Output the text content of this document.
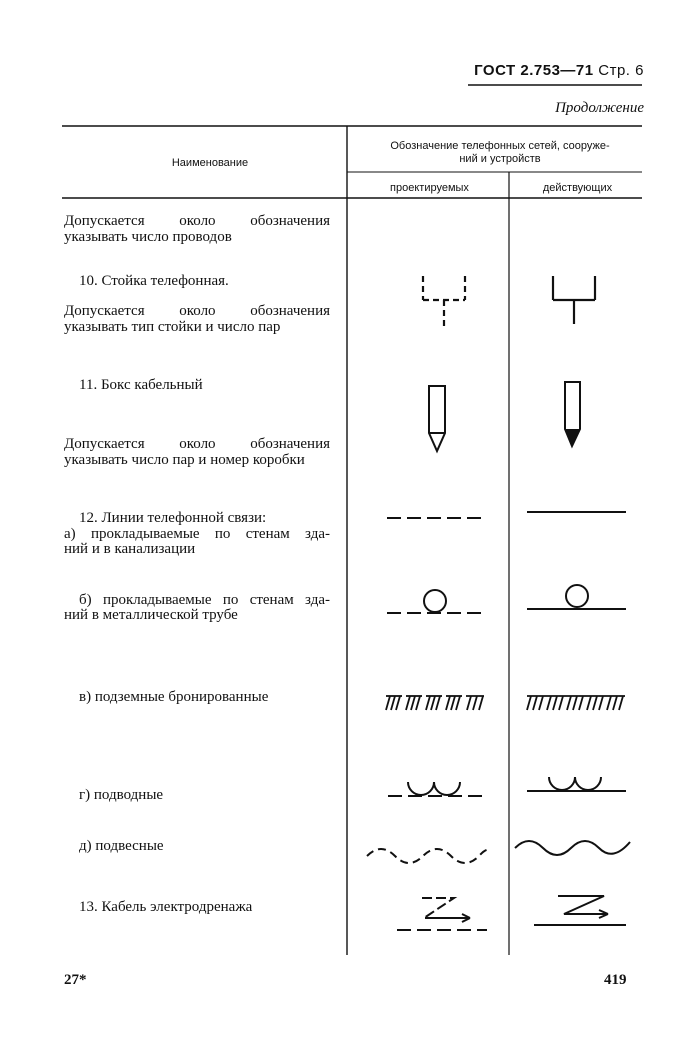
ГОСТ 2.753—71 Стр. 6
Продолжение
Наименование
Обозначение телефонных сетей, сооруже-
ний и устройств
проектируемых	действующих
Допускается около обозначения
указывать число проводов
10. Стойка телефонная.
Допускается около обозначения
указывать тип стойки и число пар
11. Бокс кабельный
Допускается около обозначения
указывать число пар и номер коробки
12. Линии телефонной связи:
а) прокладываемые по стенам зда-
ний и в канализации
б) прокладываемые по стенам зда-
ний в металлической трубе
в) подземные бронированные
г) подводные
д) подвесные
13. Кабель электродренажа
27*	419
